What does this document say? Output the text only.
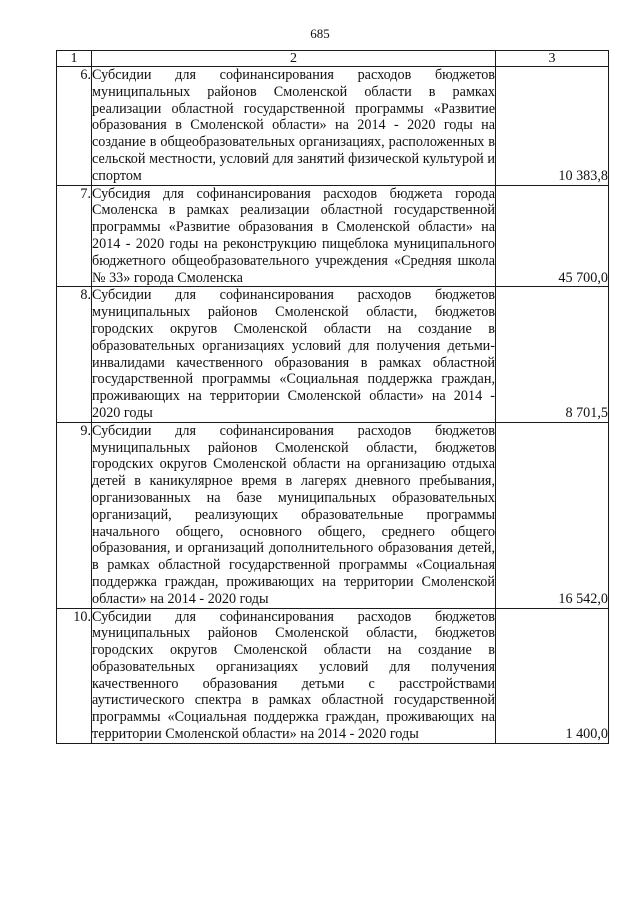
685
1	2	3
6.	Субсидии для софинансирования расходов бюджетов муниципальных районов Смоленской области в рамках реализации областной государственной программы «Развитие образования в Смоленской области» на 2014 - 2020 годы на создание в общеобразовательных организациях, расположенных в сельской местности, условий для занятий физической культурой и спортом	10 383,8
7.	Субсидия для софинансирования расходов бюджета города Смоленска в рамках реализации областной государственной программы «Развитие образования в Смоленской области» на 2014 - 2020 годы на реконструкцию пищеблока муниципального бюджетного общеобразовательного учреждения «Средняя школа № 33» города Смоленска	45 700,0
8.	Субсидии для софинансирования расходов бюджетов муниципальных районов Смоленской области, бюджетов городских округов Смоленской области на создание в образовательных организациях условий для получения детьми-инвалидами качественного образования в рамках областной государственной программы «Социальная поддержка граждан, проживающих на территории Смоленской области» на 2014 - 2020 годы	8 701,5
9.	Субсидии для софинансирования расходов бюджетов муниципальных районов Смоленской области, бюджетов городских округов Смоленской области на организацию отдыха детей в каникулярное время в лагерях дневного пребывания, организованных на базе муниципальных образовательных организаций, реализующих образовательные программы начального общего, основного общего, среднего общего образования, и организаций дополнительного образования детей, в рамках областной государственной программы «Социальная поддержка граждан, проживающих на территории Смоленской области» на 2014 - 2020 годы	16 542,0
10.	Субсидии для софинансирования расходов бюджетов муниципальных районов Смоленской области, бюджетов городских округов Смоленской области на создание в образовательных организациях условий для получения качественного образования детьми с расстройствами аутистического спектра в рамках областной государственной программы «Социальная поддержка граждан, проживающих на территории Смоленской области» на 2014 - 2020 годы	1 400,0
